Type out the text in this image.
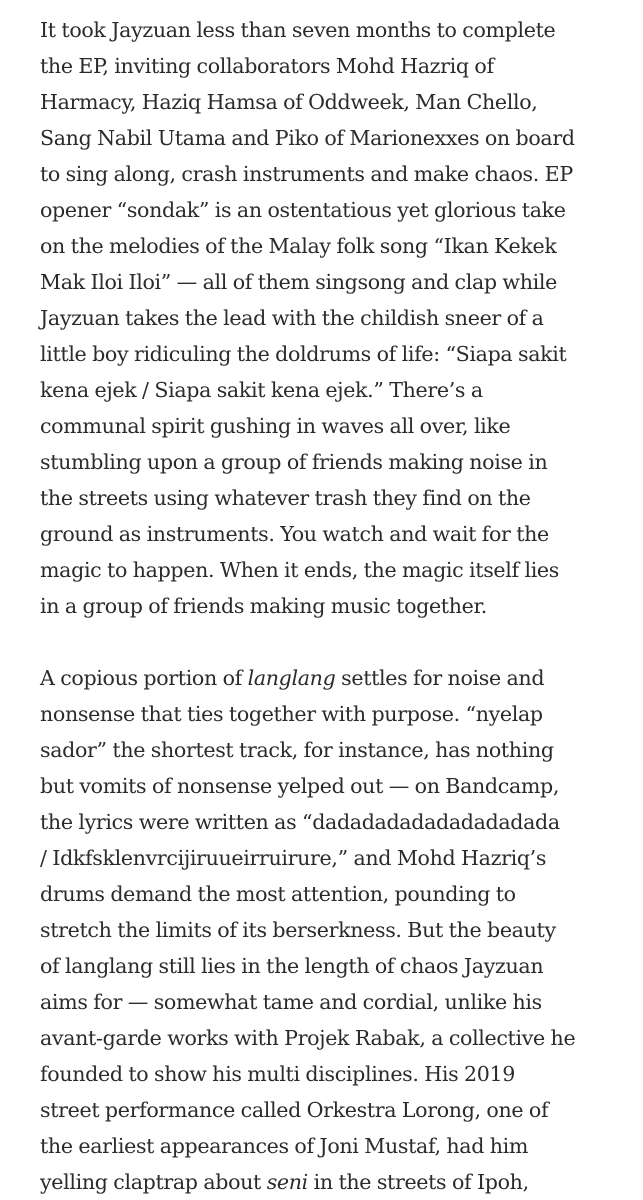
It took Jayzuan less than seven months to complete
the EP, inviting collaborators Mohd Hazriq of
Harmacy, Haziq Hamsa of Oddweek, Man Chello,
Sang Nabil Utama and Piko of Marionexxes on board
to sing along, crash instruments and make chaos. EP
opener “sondak” is an ostentatious yet glorious take
on the melodies of the Malay folk song “Ikan Kekek
Mak Iloi Iloi” — all of them singsong and clap while
Jayzuan takes the lead with the childish sneer of a
little boy ridiculing the doldrums of life: “Siapa sakit
kena ejek / Siapa sakit kena ejek.” There’s a
communal spirit gushing in waves all over, like
stumbling upon a group of friends making noise in
the streets using whatever trash they find on the
ground as instruments. You watch and wait for the
magic to happen. When it ends, the magic itself lies
in a group of friends making music together.

A copious portion of langlang settles for noise and
nonsense that ties together with purpose. “nyelap
sador” the shortest track, for instance, has nothing
but vomits of nonsense yelped out — on Bandcamp,
the lyrics were written as “dadadadadadadadadada
/ Idkfsklenvrcijiruueirruirure,” and Mohd Hazriq’s
drums demand the most attention, pounding to
stretch the limits of its berserkness. But the beauty
of langlang still lies in the length of chaos Jayzuan
aims for — somewhat tame and cordial, unlike his
avant-garde works with Projek Rabak, a collective he
founded to show his multi disciplines. His 2019
street performance called Orkestra Lorong, one of
the earliest appearances of Joni Mustaf, had him
yelling claptrap about seni in the streets of Ipoh,
